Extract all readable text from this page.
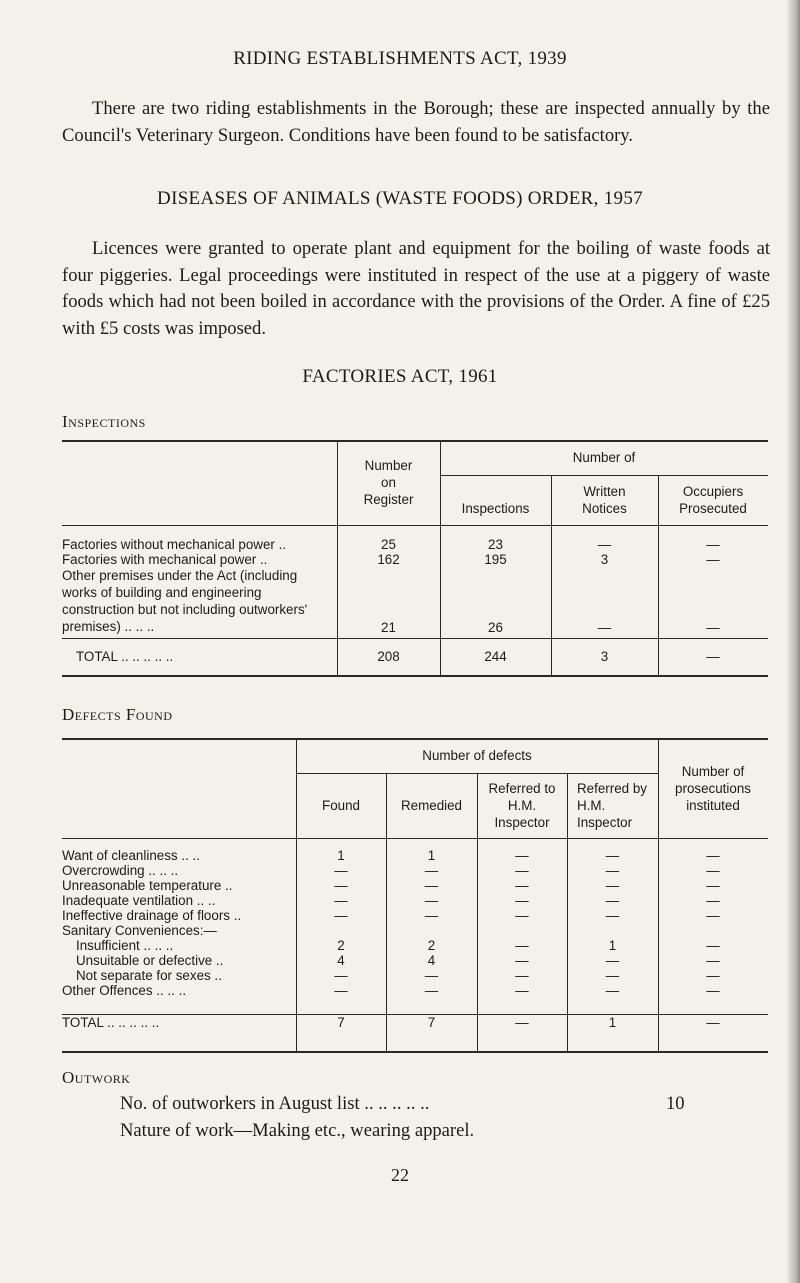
RIDING ESTABLISHMENTS ACT, 1939

There are two riding establishments in the Borough; these are inspected annually by the Council's Veterinary Surgeon. Conditions have been found to be satisfactory.

DISEASES OF ANIMALS (WASTE FOODS) ORDER, 1957

Licences were granted to operate plant and equipment for the boiling of waste foods at four piggeries. Legal proceedings were instituted in respect of the use at a piggery of waste foods which had not been boiled in accordance with the provisions of the Order. A fine of £25 with £5 costs was imposed.

FACTORIES ACT, 1961
Inspections

	Number on Register	Number of		
		Inspections	Written Notices	Occupiers Prosecuted

Factories without mechanical power ..	25	23	—	—
Factories with mechanical power ..	162	195	3	—
Other premises under the Act (including works of building and engineering construction but not including outworkers' premises) .. .. ..	21	26	—	—
TOTAL .. .. .. .. ..	208	244	3	—
Defects Found
	Number of defects				Number of prosecutions instituted

	Found	Remedied	Referred to H.M. Inspector	Referred by H.M. Inspector	

Want of cleanliness .. ..	1	1	—	—	—
Overcrowding .. .. ..	—	—	—	—	—
Unreasonable temperature ..	—	—	—	—	—
Inadequate ventilation .. ..	—	—	—	—	—
Ineffective drainage of floors ..	—	—	—	—	—
Sanitary Conveniences:—					
Insufficient .. .. ..	2	2	—	1	—
Unsuitable or defective ..	4	4	—	—	—
Not separate for sexes ..	—	—	—	—	—
Other Offences .. .. ..	—	—	—	—	—
TOTAL .. .. .. .. ..	7	7	—	1	—
Outwork
No. of outworkers in August list .. .. .. .. ..	10
Nature of work—Making etc., wearing apparel.
22
